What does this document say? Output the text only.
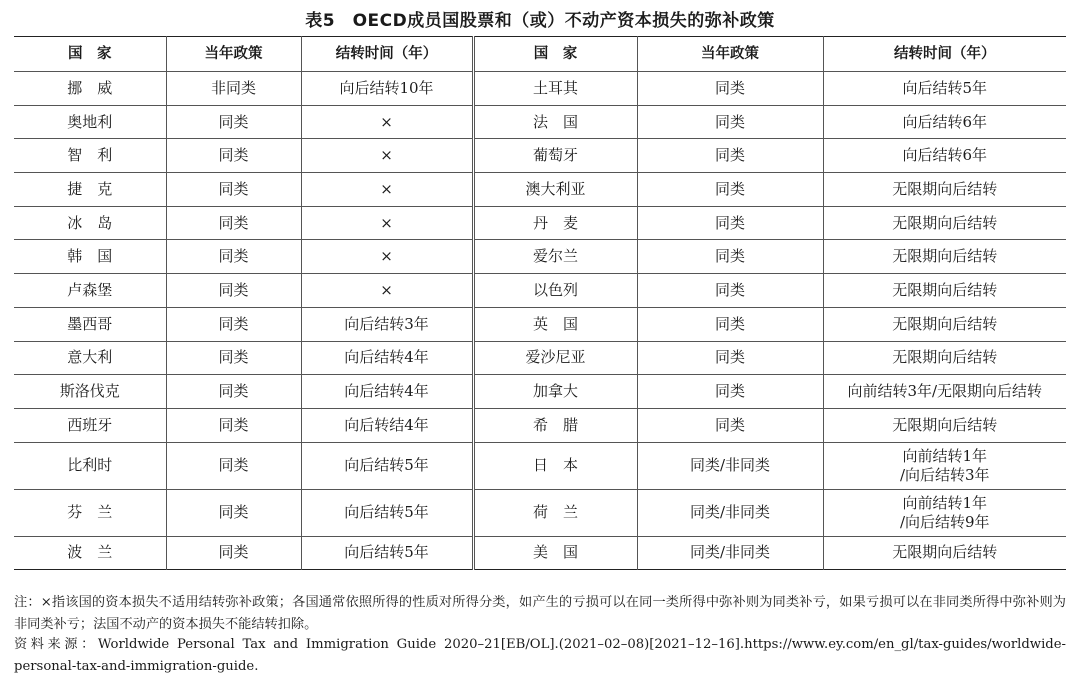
表5　OECD成员国股票和（或）不动产资本损失的弥补政策
国　家	当年政策	结转时间（年）	国　家	当年政策	结转时间（年）
挪　威	非同类	向后结转10年	土耳其	同类	向后结转5年
奥地利	同类	×	法　国	同类	向后结转6年
智　利	同类	×	葡萄牙	同类	向后结转6年
捷　克	同类	×	澳大利亚	同类	无限期向后结转
冰　岛	同类	×	丹　麦	同类	无限期向后结转
韩　国	同类	×	爱尔兰	同类	无限期向后结转
卢森堡	同类	×	以色列	同类	无限期向后结转
墨西哥	同类	向后结转3年	英　国	同类	无限期向后结转
意大利	同类	向后结转4年	爱沙尼亚	同类	无限期向后结转
斯洛伐克	同类	向后结转4年	加拿大	同类	向前结转3年/无限期向后结转
西班牙	同类	向后转结4年	希　腊	同类	无限期向后结转
比利时	同类	向后结转5年	日　本	同类/非同类	向前结转1年
/向后结转3年
芬　兰	同类	向后结转5年	荷　兰	同类/非同类	向前结转1年
/向后结转9年
波　兰	同类	向后结转5年	美　国	同类/非同类	无限期向后结转
注：×指该国的资本损失不适用结转弥补政策；各国通常依照所得的性质对所得分类，如产生的亏损可以在同一类所得中弥补则为同类补亏，如果亏损可以在非同类所得中弥补则为非同类补亏；法国不动产的资本损失不能结转扣除。
资料来源：Worldwide Personal Tax and Immigration Guide 2020–21[EB/OL].(2021–02–08)[2021–12–16].https://www.ey.com/en_gl/tax-guides/worldwide-personal-tax-and-immigration-guide.
